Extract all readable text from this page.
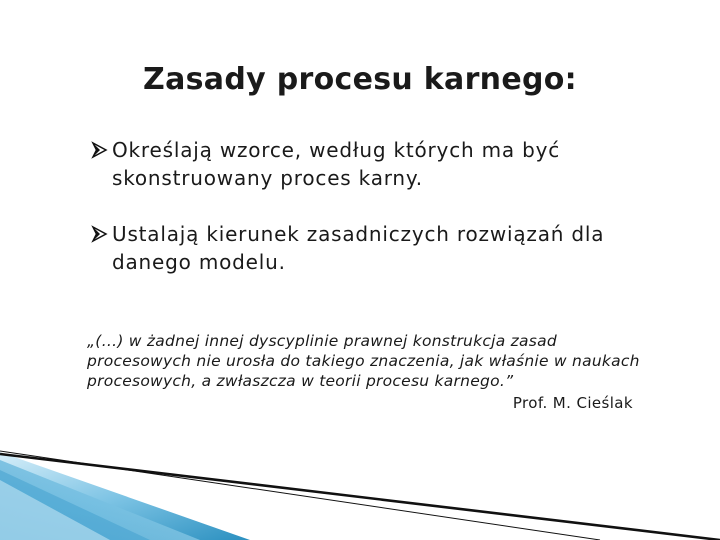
Zasady procesu karnego:
Określają wzorce, według których ma być skonstruowany proces karny.
Ustalają kierunek zasadniczych rozwiązań dla danego modelu.
„(…) w żadnej innej dyscyplinie prawnej konstrukcja zasad procesowych nie urosła do takiego znaczenia, jak właśnie w naukach procesowych, a zwłaszcza w teorii procesu karnego.”
Prof. M. Cieślak
